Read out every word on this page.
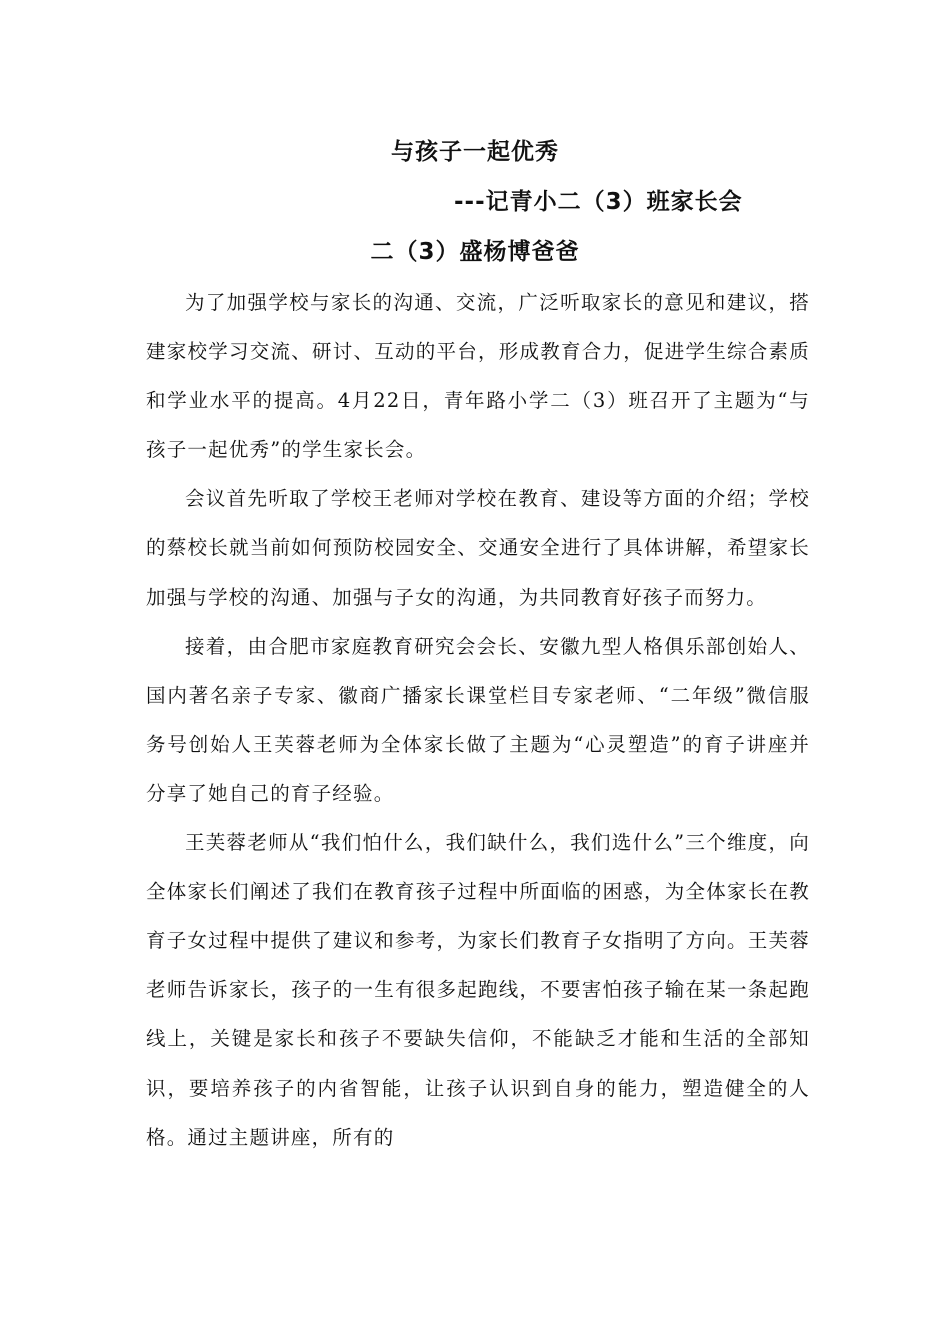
与孩子一起优秀
---记青小二（3）班家长会
二（3）盛杨博爸爸

为了加强学校与家长的沟通、交流，广泛听取家长的意见和建议，搭建家校学习交流、研讨、互动的平台，形成教育合力，促进学生综合素质和学业水平的提高。4月22日，青年路小学二（3）班召开了主题为“与孩子一起优秀”的学生家长会。

会议首先听取了学校王老师对学校在教育、建设等方面的介绍；学校的蔡校长就当前如何预防校园安全、交通安全进行了具体讲解，希望家长加强与学校的沟通、加强与子女的沟通，为共同教育好孩子而努力。

接着，由合肥市家庭教育研究会会长、安徽九型人格俱乐部创始人、国内著名亲子专家、徽商广播家长课堂栏目专家老师、“二年级”微信服务号创始人王芙蓉老师为全体家长做了主题为“心灵塑造”的育子讲座并分享了她自己的育子经验。

王芙蓉老师从“我们怕什么，我们缺什么，我们选什么”三个维度，向全体家长们阐述了我们在教育孩子过程中所面临的困惑，为全体家长在教育子女过程中提供了建议和参考，为家长们教育子女指明了方向。王芙蓉老师告诉家长，孩子的一生有很多起跑线，不要害怕孩子输在某一条起跑线上，关键是家长和孩子不要缺失信仰，不能缺乏才能和生活的全部知识，要培养孩子的内省智能，让孩子认识到自身的能力，塑造健全的人格。通过主题讲座，所有的
